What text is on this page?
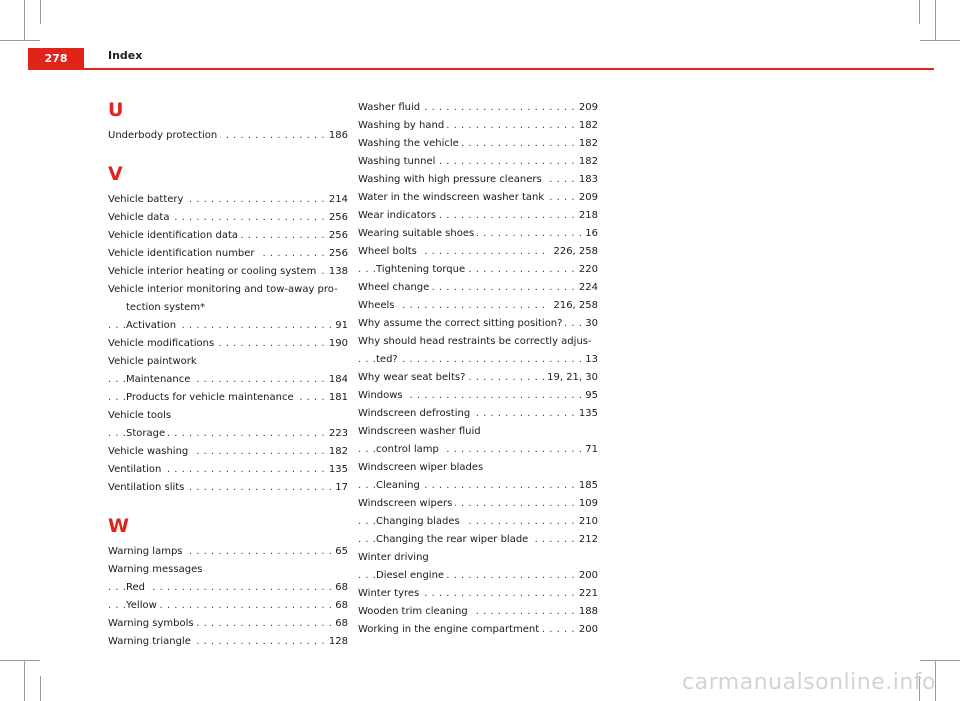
278	Index
U
Underbody protection	186
. . .
V
Vehicle battery	214
. . .
Vehicle data	256
. . .
Vehicle identification data	256
. . .
Vehicle identification number	256
. . .
Vehicle interior heating or cooling system	138
. . .
Vehicle interior monitoring and tow-away pro-tection system*
Activation	91
. . .
Vehicle modifications	190
. . .
Vehicle paintwork
Maintenance	184
. . .
Products for vehicle maintenance	181
. . .
Vehicle tools
Storage	223
. . .
Vehicle washing	182
. . .
Ventilation	135
. . .
Ventilation slits	17
. . .
W
Warning lamps	65
. . .
Warning messages
Red	68
. . .
Yellow	68
. . .
Warning symbols	68
. . .
Warning triangle	128
. . .
Washer fluid	209
. . .
Washing by hand	182
. . .
Washing the vehicle	182
. . .
Washing tunnel	182
. . .
Washing with high pressure cleaners	183
. . .
Water in the windscreen washer tank	209
. . .
Wear indicators	218
. . .
Wearing suitable shoes	16
. . .
Wheel bolts	226, 258
. . .
Tightening torque	220
. . .
Wheel change	224
. . .
Wheels	216, 258
. . .
Why assume the correct sitting position?	30
. . .
Why should head restraints be correctly adjus-
ted?	13
. . .
Why wear seat belts?	19, 21, 30
. . .
Windows	95
. . .
Windscreen defrosting	135
. . .
Windscreen washer fluid
control lamp	71
. . .
Windscreen wiper blades
Cleaning	185
. . .
Windscreen wipers	109
. . .
Changing blades	210
. . .
Changing the rear wiper blade	212
. . .
Winter driving
Diesel engine	200
. . .
Winter tyres	221
. . .
Wooden trim cleaning	188
. . .
Working in the engine compartment	200
. . .
carmanualsonline.info
